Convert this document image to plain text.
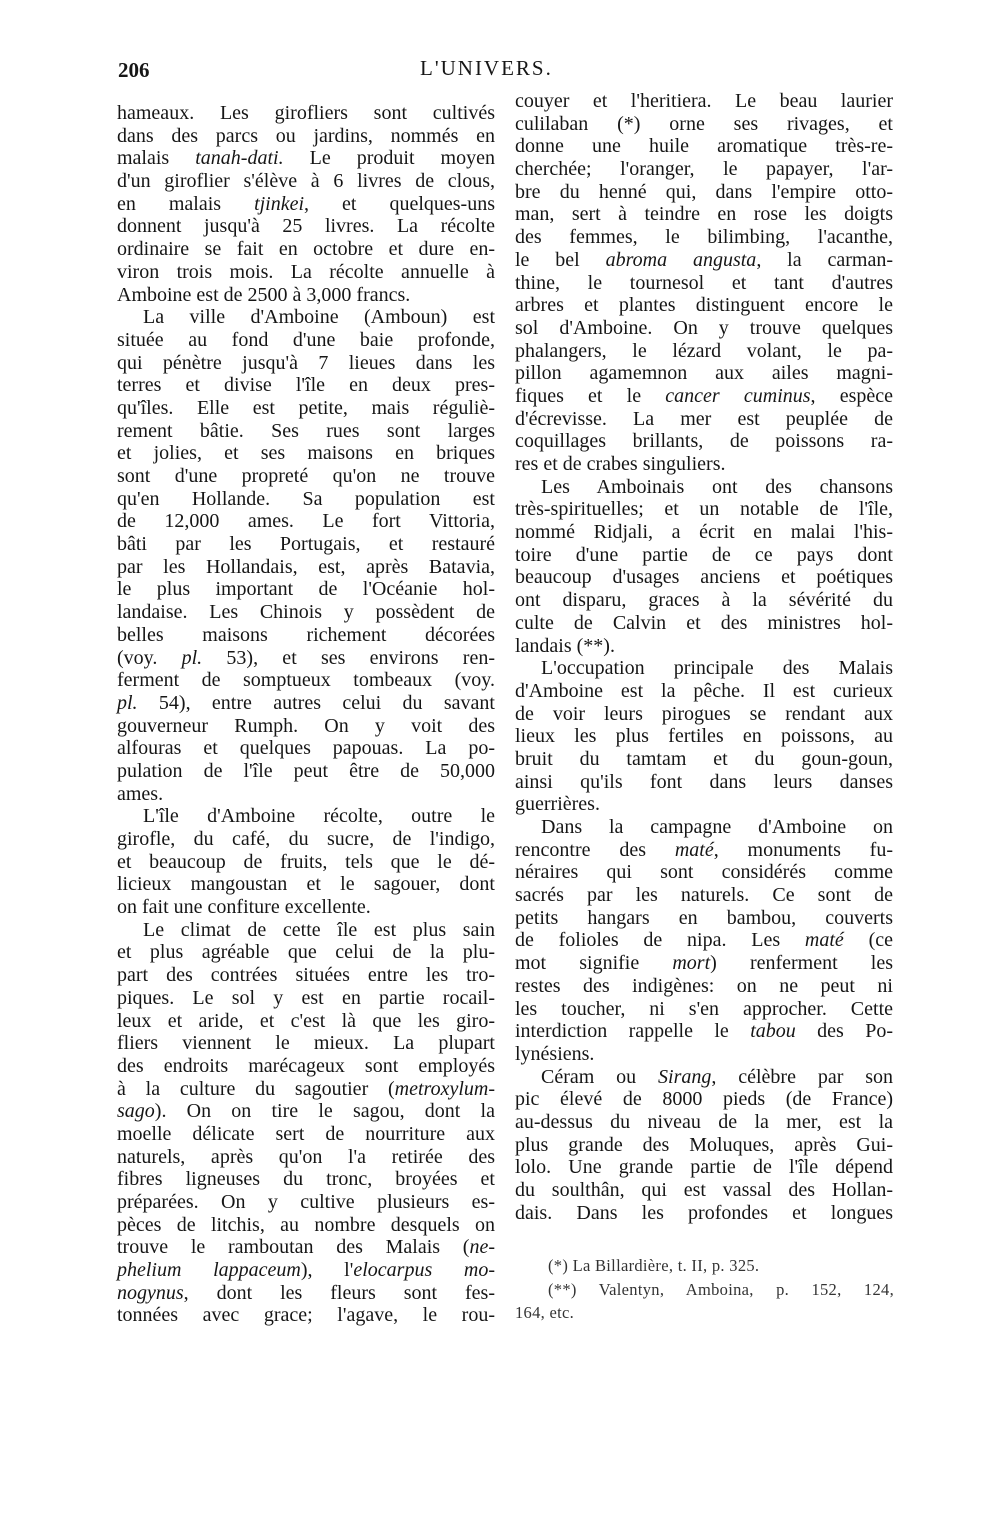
206	L'UNIVERS.
hameaux. Les girofliers sont cultivés
dans des parcs ou jardins, nommés en
malais tanah-dati. Le produit moyen
d'un giroflier s'élève à 6 livres de clous,
en malais tjinkei, et quelques-uns
donnent jusqu'à 25 livres. La récolte
ordinaire se fait en octobre et dure en-
viron trois mois. La récolte annuelle à
Amboine est de 2500 à 3,000 francs.
La ville d'Amboine (Amboun) est
située au fond d'une baie profonde,
qui pénètre jusqu'à 7 lieues dans les
terres et divise l'île en deux pres-
qu'îles. Elle est petite, mais réguliè-
rement bâtie. Ses rues sont larges
et jolies, et ses maisons en briques
sont d'une propreté qu'on ne trouve
qu'en Hollande. Sa population est
de 12,000 ames. Le fort Vittoria,
bâti par les Portugais, et restauré
par les Hollandais, est, après Batavia,
le plus important de l'Océanie hol-
landaise. Les Chinois y possèdent de
belles maisons richement décorées
(voy. pl. 53), et ses environs ren-
ferment de somptueux tombeaux (voy.
pl. 54), entre autres celui du savant
gouverneur Rumph. On y voit des
alfouras et quelques papouas. La po-
pulation de l'île peut être de 50,000
ames.
L'île d'Amboine récolte, outre le
girofle, du café, du sucre, de l'indigo,
et beaucoup de fruits, tels que le dé-
licieux mangoustan et le sagouer, dont
on fait une confiture excellente.
Le climat de cette île est plus sain
et plus agréable que celui de la plu-
part des contrées situées entre les tro-
piques. Le sol y est en partie rocail-
leux et aride, et c'est là que les giro-
fliers viennent le mieux. La plupart
des endroits marécageux sont employés
à la culture du sagoutier (metroxylum-
sago). On on tire le sagou, dont la
moelle délicate sert de nourriture aux
naturels, après qu'on l'a retirée des
fibres ligneuses du tronc, broyées et
préparées. On y cultive plusieurs es-
pèces de litchis, au nombre desquels on
trouve le ramboutan des Malais (ne-
phelium lappaceum), l'elocarpus mo-
nogynus, dont les fleurs sont fes-
tonnées avec grace; l'agave, le rou-
couyer et l'heritiera. Le beau laurier
culilaban (*) orne ses rivages, et
donne une huile aromatique très-re-
cherchée; l'oranger, le papayer, l'ar-
bre du henné qui, dans l'empire otto-
man, sert à teindre en rose les doigts
des femmes, le bilimbing, l'acanthe,
le bel abroma angusta, la carman-
thine, le tournesol et tant d'autres
arbres et plantes distinguent encore le
sol d'Amboine. On y trouve quelques
phalangers, le lézard volant, le pa-
pillon agamemnon aux ailes magni-
fiques et le cancer cuminus, espèce
d'écrevisse. La mer est peuplée de
coquillages brillants, de poissons ra-
res et de crabes singuliers.
Les Amboinais ont des chansons
très-spirituelles; et un notable de l'île,
nommé Ridjali, a écrit en malai l'his-
toire d'une partie de ce pays dont
beaucoup d'usages anciens et poétiques
ont disparu, graces à la sévérité du
culte de Calvin et des ministres hol-
landais (**).
L'occupation principale des Malais
d'Amboine est la pêche. Il est curieux
de voir leurs pirogues se rendant aux
lieux les plus fertiles en poissons, au
bruit du tamtam et du goun-goun,
ainsi qu'ils font dans leurs danses
guerrières.
Dans la campagne d'Amboine on
rencontre des maté, monuments fu-
néraires qui sont considérés comme
sacrés par les naturels. Ce sont de
petits hangars en bambou, couverts
de folioles de nipa. Les maté (ce
mot signifie mort) renferment les
restes des indigènes: on ne peut ni
les toucher, ni s'en approcher. Cette
interdiction rappelle le tabou des Po-
lynésiens.
Céram ou Sirang, célèbre par son
pic élevé de 8000 pieds (de France)
au-dessus du niveau de la mer, est la
plus grande des Moluques, après Gui-
lolo. Une grande partie de l'île dépend
du soulthân, qui est vassal des Hollan-
dais. Dans les profondes et longues
(*) La Billardière, t. II, p. 325.
(**) Valentyn, Amboina, p. 152, 124,
164, etc.
